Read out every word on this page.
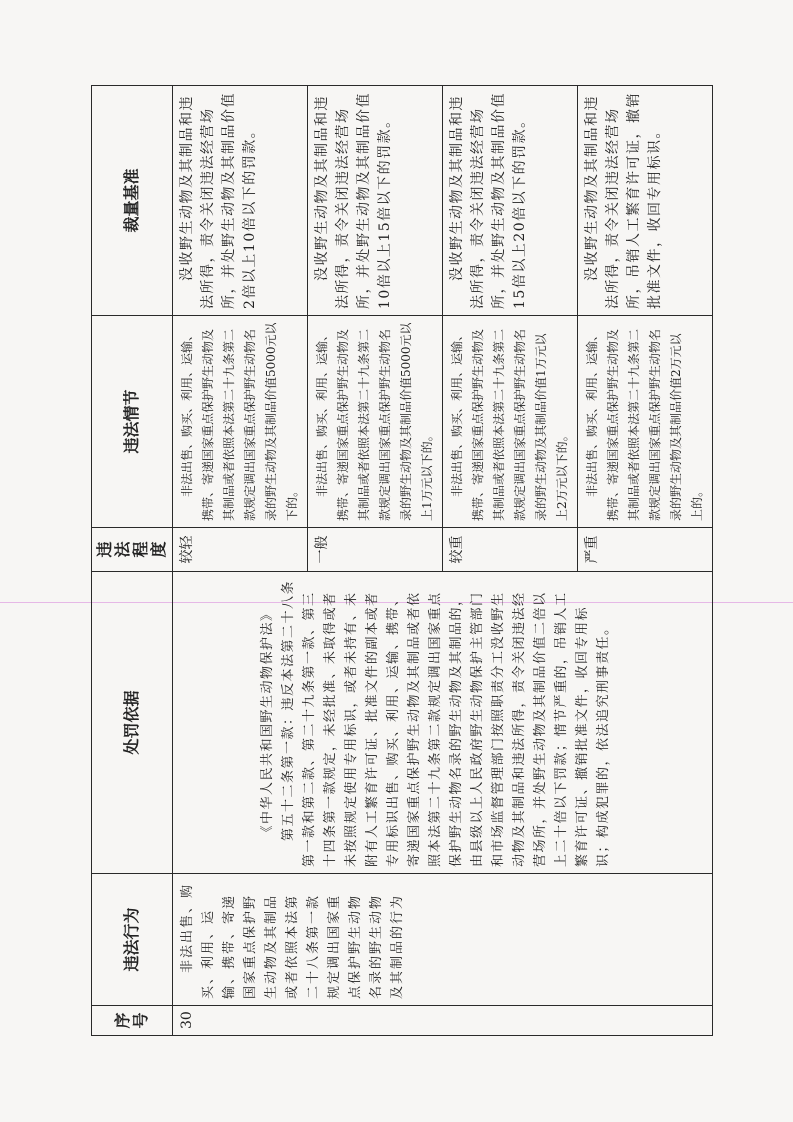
序号	违法行为	处罚依据	违法程度	违法情节	裁量基准
30	非法出售、购买、利用、运输、携带、寄递国家重点保护野生动物及其制品或者依照本法第二十八条第一款规定调出国家重点保护野生动物名录的野生动物及其制品的行为	《中华人民共和国野生动物保护法》 第五十二条第一款：违反本法第二十八条第一款和第二款、第二十九条第一款、第三十四条第一款规定，未经批准、未取得或者未按照规定使用专用标识，或者未持有、未附有人工繁育许可证、批准文件的副本或者专用标识出售、购买、利用、运输、携带、寄递国家重点保护野生动物及其制品或者依照本法第二十九条第二款规定调出国家重点保护野生动物名录的野生动物及其制品的，由县级以上人民政府野生动物保护主管部门和市场监督管理部门按照职责分工没收野生动物及其制品和违法所得，责令关闭违法经营场所，并处野生动物及其制品价值二倍以上二十倍以下罚款；情节严重的，吊销人工繁育许可证、撤销批准文件，收回专用标识；构成犯罪的，依法追究刑事责任。	较轻	非法出售、购买、利用、运输、携带、寄递国家重点保护野生动物及其制品或者依照本法第二十九条第二款规定调出国家重点保护野生动物名录的野生动物及其制品价值5000元以下的。	没收野生动物及其制品和违法所得，责令关闭违法经营场所，并处野生动物及其制品价值2倍以上10倍以下的罚款。
			一般	非法出售、购买、利用、运输、携带、寄递国家重点保护野生动物及其制品或者依照本法第二十九条第二款规定调出国家重点保护野生动物名录的野生动物及其制品价值5000元以上1万元以下的。	没收野生动物及其制品和违法所得，责令关闭违法经营场所，并处野生动物及其制品价值10倍以上15倍以下的罚款。
			较重	非法出售、购买、利用、运输、携带、寄递国家重点保护野生动物及其制品或者依照本法第二十九条第二款规定调出国家重点保护野生动物名录的野生动物及其制品价值1万元以上2万元以下的。	没收野生动物及其制品和违法所得，责令关闭违法经营场所，并处野生动物及其制品价值15倍以上20倍以下的罚款。
			严重	非法出售、购买、利用、运输、携带、寄递国家重点保护野生动物及其制品或者依照本法第二十九条第二款规定调出国家重点保护野生动物名录的野生动物及其制品价值2万元以上的。	没收野生动物及其制品和违法所得，责令关闭违法经营场所，吊销人工繁育许可证，撤销批准文件，收回专用标识。
